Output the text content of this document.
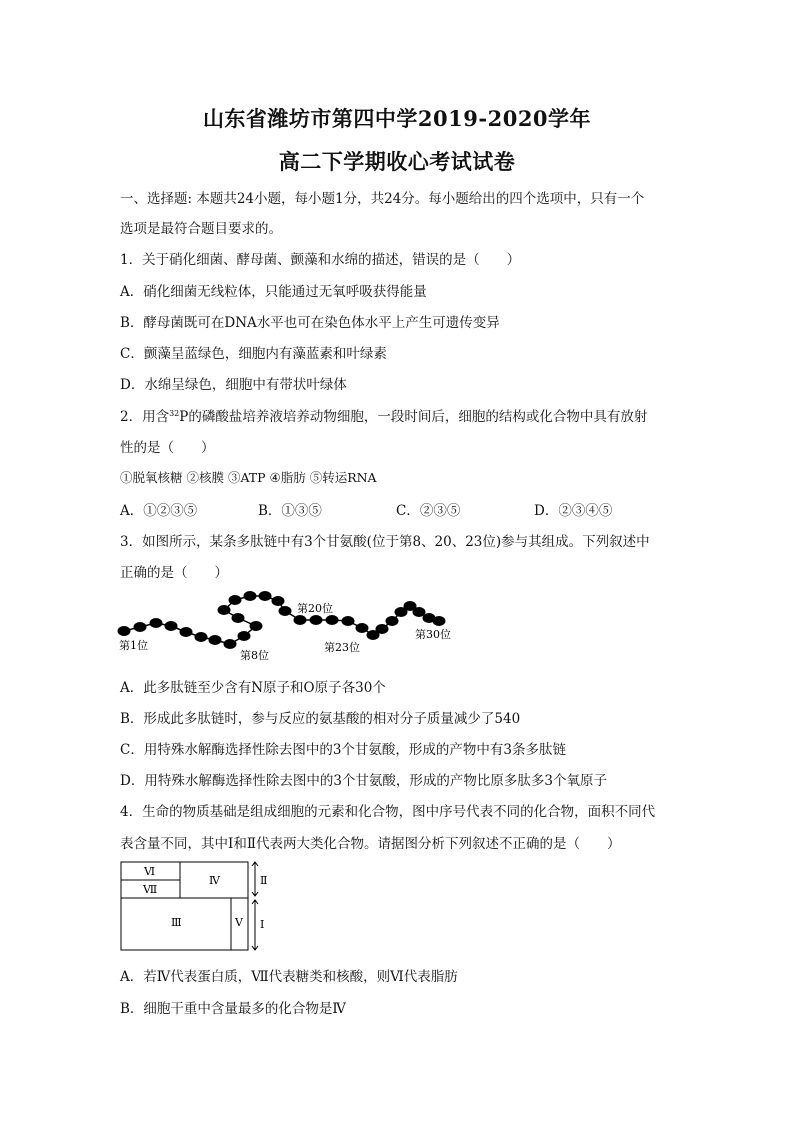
山东省潍坊市第四中学2019-2020学年
高二下学期收心考试试卷
一、选择题: 本题共24小题，每小题1分，共24分。每小题给出的四个选项中，只有一个
选项是最符合题目要求的。
1．关于硝化细菌、酵母菌、颤藻和水绵的描述，错误的是（　　）
A．硝化细菌无线粒体，只能通过无氧呼吸获得能量
B．酵母菌既可在DNA水平也可在染色体水平上产生可遗传变异
C．颤藻呈蓝绿色，细胞内有藻蓝素和叶绿素
D．水绵呈绿色，细胞中有带状叶绿体
2．用含$^{32}$P的磷酸盐培养液培养动物细胞，一段时间后，细胞的结构或化合物中具有放射
性的是（　　）
①脱氧核糖 ②核膜 ③ATP ④脂肪 ⑤转运RNA
A．①②③⑤	B．①③⑤	C．②③⑤	D．②③④⑤
3．如图所示，某条多肽链中有3个甘氨酸(位于第8、20、23位)参与其组成。下列叙述中
正确的是（　　）
第1位
第8位
第20位
第23位
第30位
A．此多肽链至少含有N原子和O原子各30个
B．形成此多肽链时，参与反应的氨基酸的相对分子质量减少了540
C．用特殊水解酶选择性除去图中的3个甘氨酸，形成的产物中有3条多肽链
D．用特殊水解酶选择性除去图中的3个甘氨酸，形成的产物比原多肽多3个氧原子
4．生命的物质基础是组成细胞的元素和化合物，图中序号代表不同的化合物，面积不同代
表含量不同，其中Ⅰ和Ⅱ代表两大类化合物。请据图分析下列叙述不正确的是（　　）
Ⅵ
Ⅶ
Ⅳ
Ⅲ	Ⅴ
Ⅱ
Ⅰ
A．若Ⅳ代表蛋白质，Ⅶ代表糖类和核酸，则Ⅵ代表脂肪
B．细胞干重中含量最多的化合物是Ⅳ
